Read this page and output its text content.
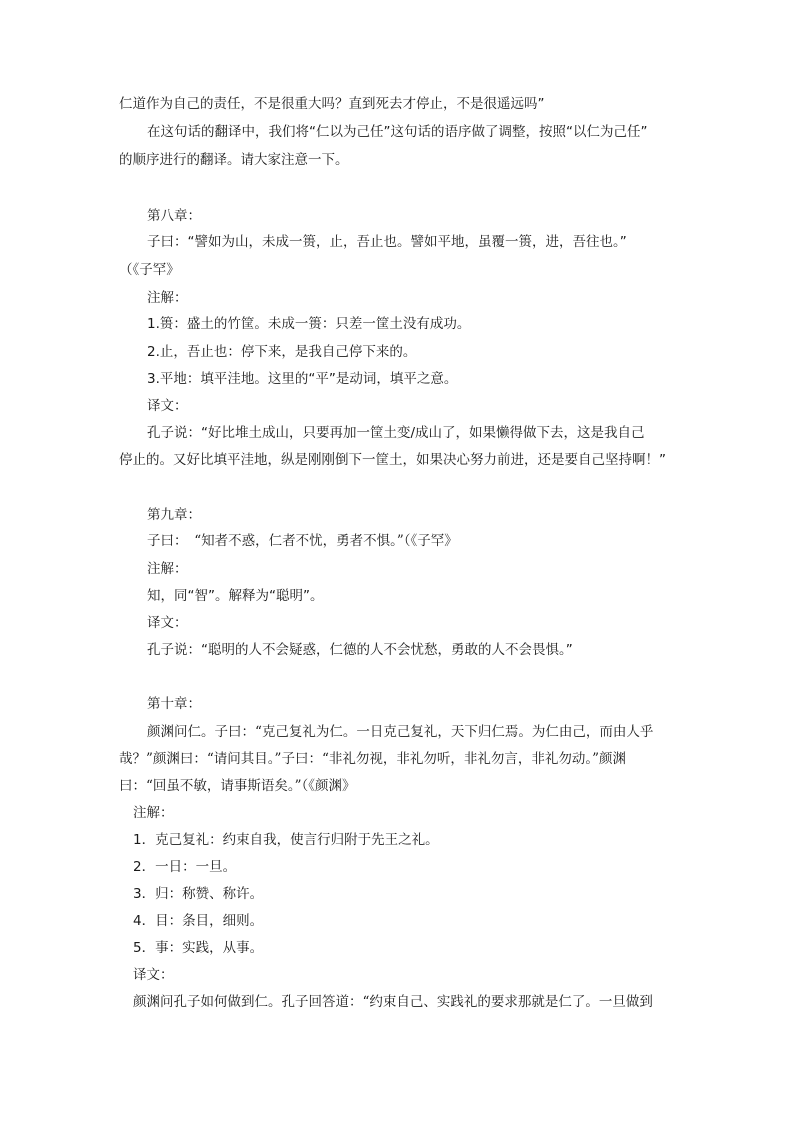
仁道作为自己的责任，不是很重大吗？直到死去才停止，不是很遥远吗”
在这句话的翻译中，我们将“仁以为己任”这句话的语序做了调整，按照“以仁为己任”
的顺序进行的翻译。请大家注意一下。
第八章：
子曰：“譬如为山，未成一篑，止，吾止也。譬如平地，虽覆一篑，进，吾往也。”
（《子罕》
注解：
1.篑：盛土的竹筐。未成一篑：只差一筐土没有成功。
2.止，吾止也：停下来，是我自己停下来的。
3.平地：填平洼地。这里的“平”是动词，填平之意。
译文：
孔子说：“好比堆土成山，只要再加一筐土变/成山了，如果懒得做下去，这是我自己
停止的。又好比填平洼地，纵是刚刚倒下一筐土，如果决心努力前进，还是要自己坚持啊！”
第九章：
子曰：　“知者不惑，仁者不忧，勇者不惧。”（《子罕》
注解：
知，同“智”。解释为“聪明”。
译文：
孔子说：“聪明的人不会疑惑，仁德的人不会忧愁，勇敢的人不会畏惧。”
第十章：
颜渊问仁。子曰：“克己复礼为仁。一日克己复礼，天下归仁焉。为仁由己，而由人乎
哉？”颜渊曰：“请问其目。”子曰：“非礼勿视，非礼勿听，非礼勿言，非礼勿动。”颜渊
曰：“回虽不敏，请事斯语矣。”（《颜渊》
注解：
1．克己复礼：约束自我，使言行归附于先王之礼。
2．一日：一旦。
3．归：称赞、称许。
4．目：条目，细则。
5．事：实践，从事。
译文：
颜渊问孔子如何做到仁。孔子回答道：“约束自己、实践礼的要求那就是仁了。一旦做到
